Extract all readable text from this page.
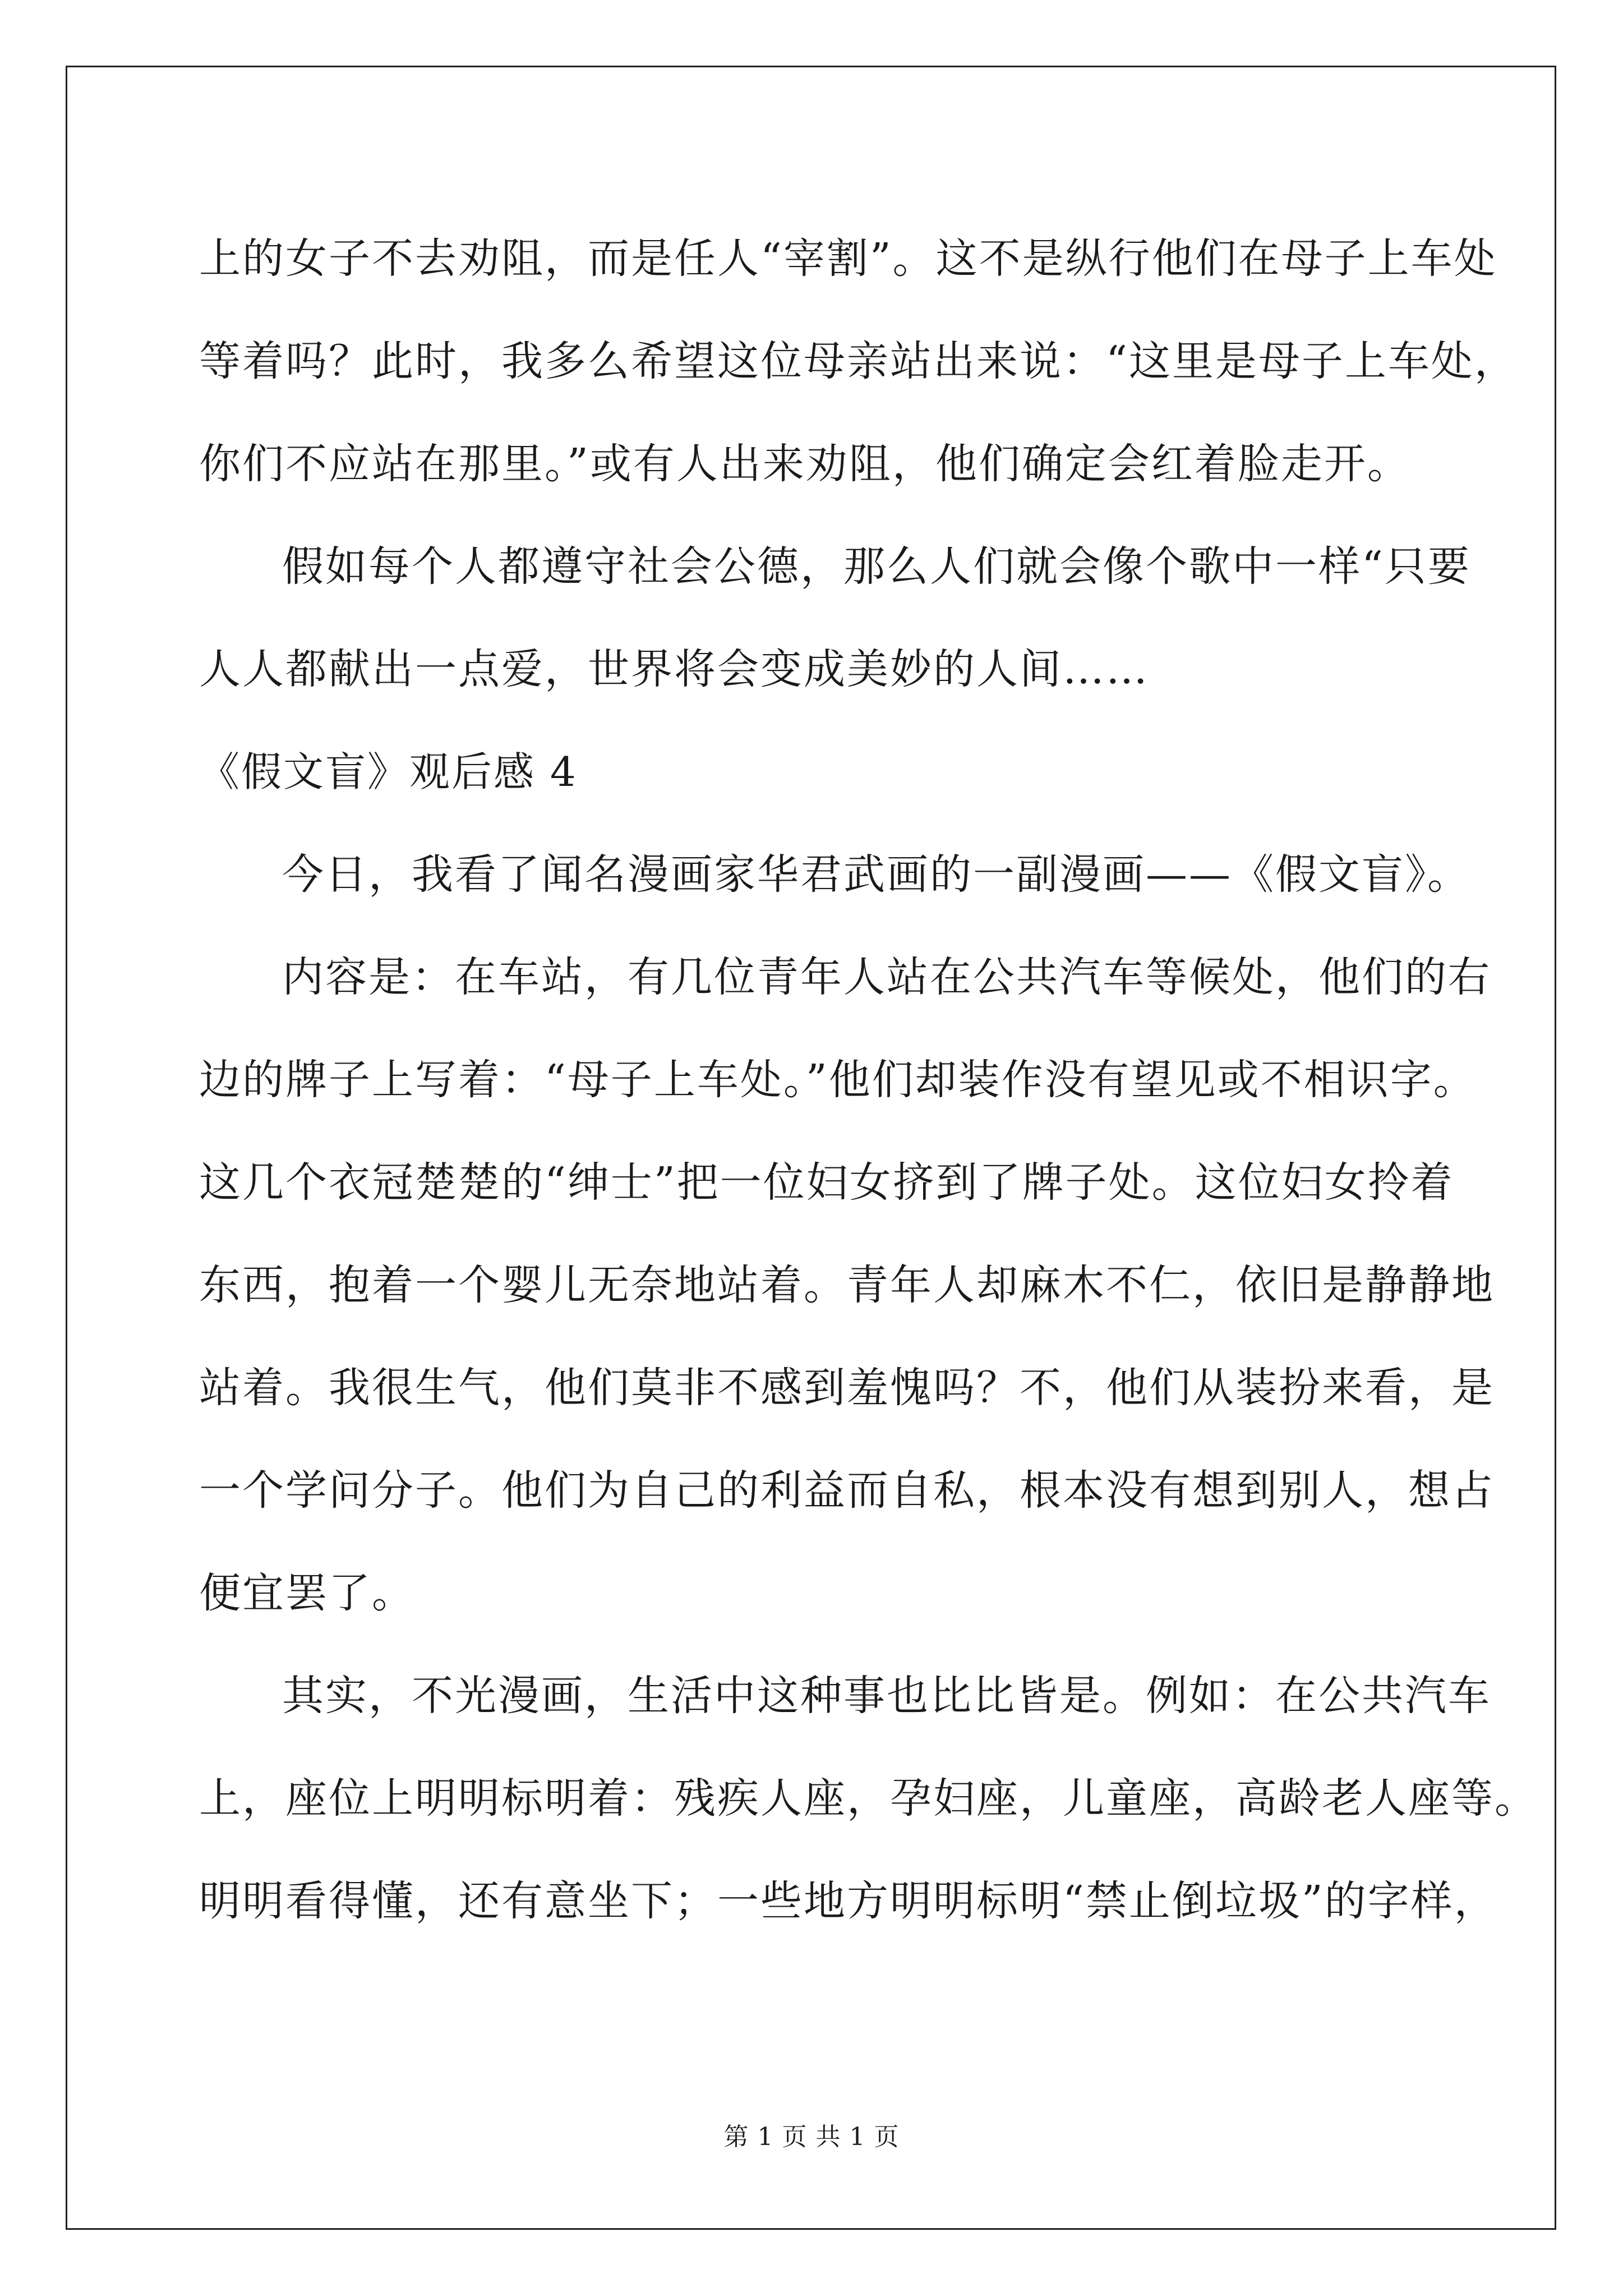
上的女子不去劝阻，而是任人“宰割”。这不是纵行他们在母子上车处
等着吗？此时，我多么希望这位母亲站出来说：“这里是母子上车处，
你们不应站在那里。”或有人出来劝阻，他们确定会红着脸走开。
假如每个人都遵守社会公德，那么人们就会像个歌中一样“只要
人人都献出一点爱，世界将会变成美妙的人间……
《假文盲》观后感 4
今日，我看了闻名漫画家华君武画的一副漫画——《假文盲》。
内容是：在车站，有几位青年人站在公共汽车等候处，他们的右
边的牌子上写着：“母子上车处。”他们却装作没有望见或不相识字。
这几个衣冠楚楚的“绅士”把一位妇女挤到了牌子处。这位妇女拎着
东西，抱着一个婴儿无奈地站着。青年人却麻木不仁，依旧是静静地
站着。我很生气，他们莫非不感到羞愧吗？不，他们从装扮来看，是
一个学问分子。他们为自己的利益而自私，根本没有想到别人，想占
便宜罢了。
其实，不光漫画，生活中这种事也比比皆是。例如：在公共汽车
上，座位上明明标明着：残疾人座，孕妇座，儿童座，高龄老人座等。
明明看得懂，还有意坐下；一些地方明明标明“禁止倒垃圾”的字样，
第 1 页 共 1 页
